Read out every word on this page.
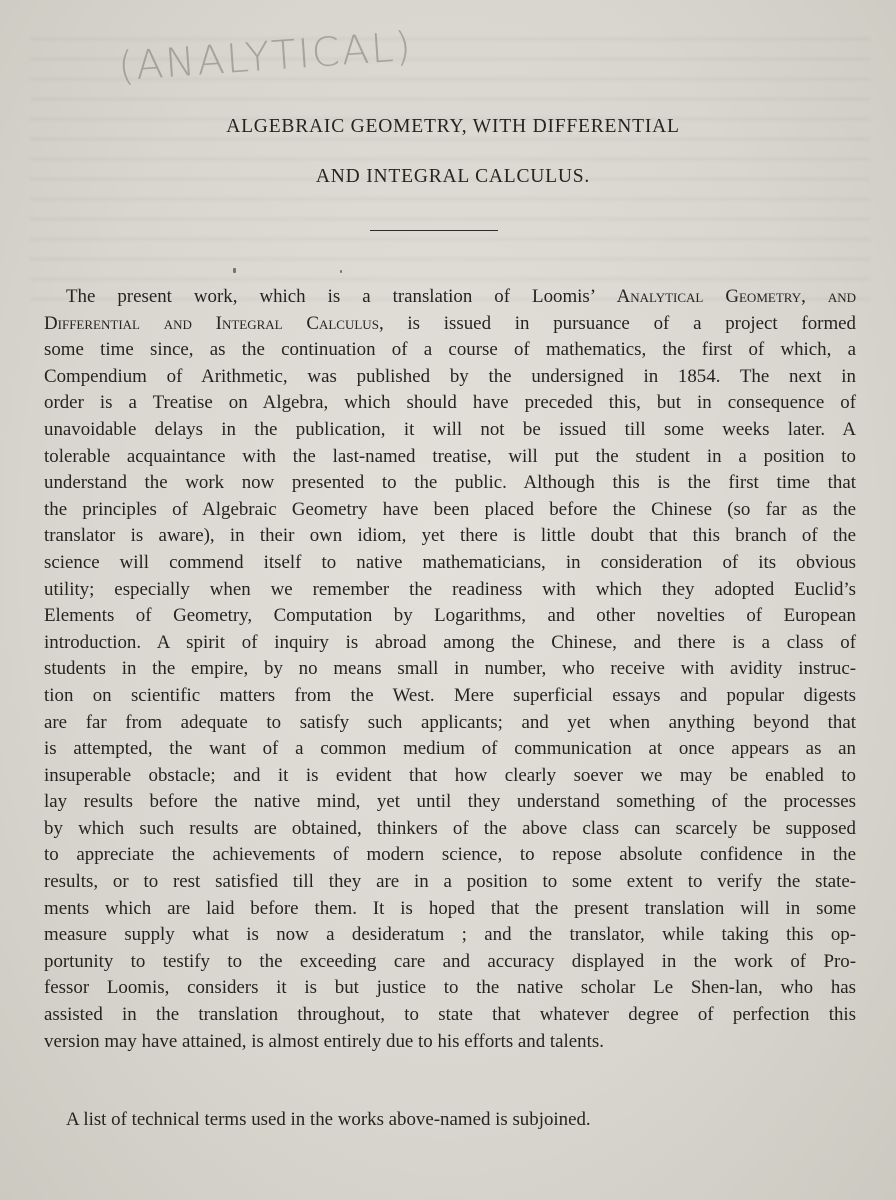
(ANALYTICAL)
ALGEBRAIC GEOMETRY, WITH DIFFERENTIAL
AND INTEGRAL CALCULUS.
The present work, which is a translation of Loomis’ Analytical Geometry, and
Differential and Integral Calculus, is issued in pursuance of a project formed
some time since, as the continuation of a course of mathematics, the first of which, a
Compendium of Arithmetic, was published by the undersigned in 1854. The next in
order is a Treatise on Algebra, which should have preceded this, but in consequence of
unavoidable delays in the publication, it will not be issued till some weeks later. A
tolerable acquaintance with the last-named treatise, will put the student in a position to
understand the work now presented to the public. Although this is the first time that
the principles of Algebraic Geometry have been placed before the Chinese (so far as the
translator is aware), in their own idiom, yet there is little doubt that this branch of the
science will commend itself to native mathematicians, in consideration of its obvious
utility; especially when we remember the readiness with which they adopted Euclid’s
Elements of Geometry, Computation by Logarithms, and other novelties of European
introduction. A spirit of inquiry is abroad among the Chinese, and there is a class of
students in the empire, by no means small in number, who receive with avidity instruc-
tion on scientific matters from the West. Mere superficial essays and popular digests
are far from adequate to satisfy such applicants; and yet when anything beyond that
is attempted, the want of a common medium of communication at once appears as an
insuperable obstacle; and it is evident that how clearly soever we may be enabled to
lay results before the native mind, yet until they understand something of the processes
by which such results are obtained, thinkers of the above class can scarcely be supposed
to appreciate the achievements of modern science, to repose absolute confidence in the
results, or to rest satisfied till they are in a position to some extent to verify the state-
ments which are laid before them. It is hoped that the present translation will in some
measure supply what is now a desideratum ; and the translator, while taking this op-
portunity to testify to the exceeding care and accuracy displayed in the work of Pro-
fessor Loomis, considers it is but justice to the native scholar Le Shen-lan, who has
assisted in the translation throughout, to state that whatever degree of perfection this
version may have attained, is almost entirely due to his efforts and talents.
A list of technical terms used in the works above-named is subjoined.
